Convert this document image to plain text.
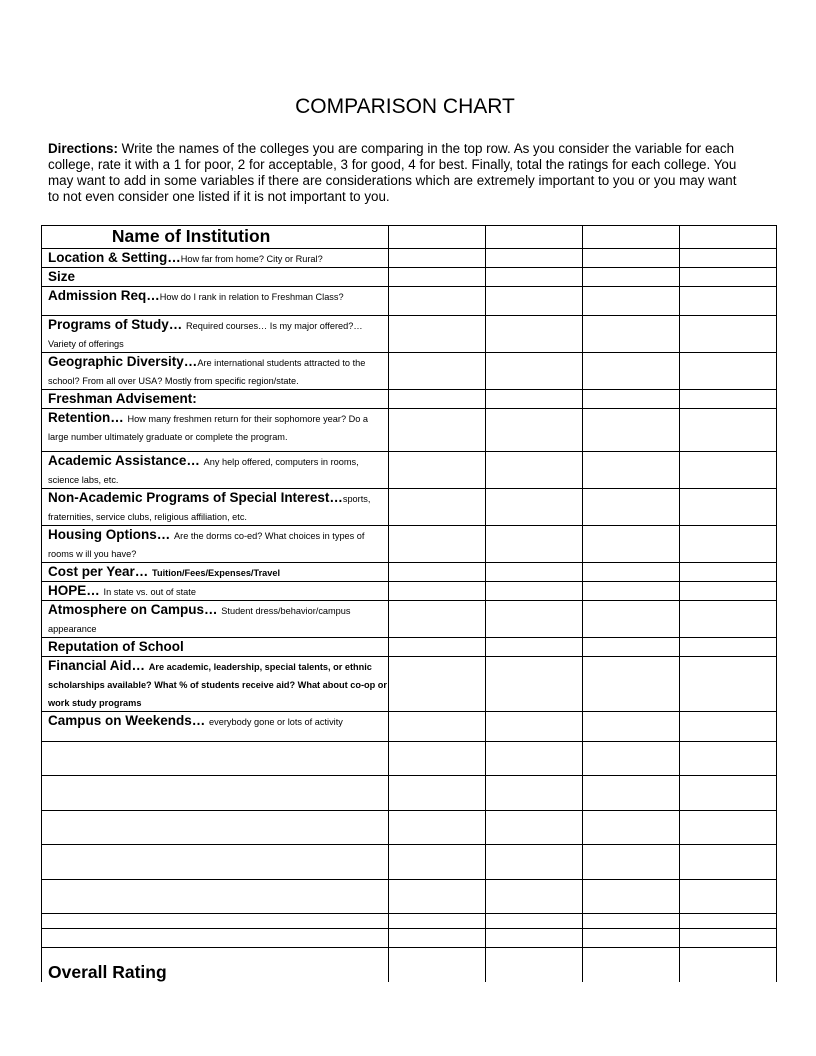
COMPARISON CHART

Directions: Write the names of the colleges you are comparing in the top row. As you consider the variable for each college, rate it with a 1 for poor, 2 for acceptable, 3 for good, 4 for best. Finally, total the ratings for each college. You may want to add in some variables if there are considerations which are extremely important to you or you may want to not even consider one listed if it is not important to you.

Name of Institution				
Location & Setting…How far from home? City or Rural?				
Size				
Admission Req…How do I rank in relation to Freshman Class?				
Programs of Study… Required courses… Is my major offered?…Variety of offerings				
Geographic Diversity…Are international students attracted to the school? From all over USA? Mostly from specific region/state.				
Freshman Advisement:				
Retention… How many freshmen return for their sophomore year? Do a large number ultimately graduate or complete the program.				
Academic Assistance… Any help offered, computers in rooms, science labs, etc.				
Non-Academic Programs of Special Interest…sports, fraternities, service clubs, religious affiliation, etc.				
Housing Options… Are the dorms co-ed? What choices in types of rooms w ill you have?				
Cost per Year… Tuition/Fees/Expenses/Travel				
HOPE… In state vs. out of state				
Atmosphere on Campus… Student dress/behavior/campus appearance				
Reputation of School				
Financial Aid… Are academic, leadership, special talents, or ethnic scholarships available? What % of students receive aid? What about co-op or work study programs				
Campus on Weekends… everybody gone or lots of activity				

Overall Rating				
